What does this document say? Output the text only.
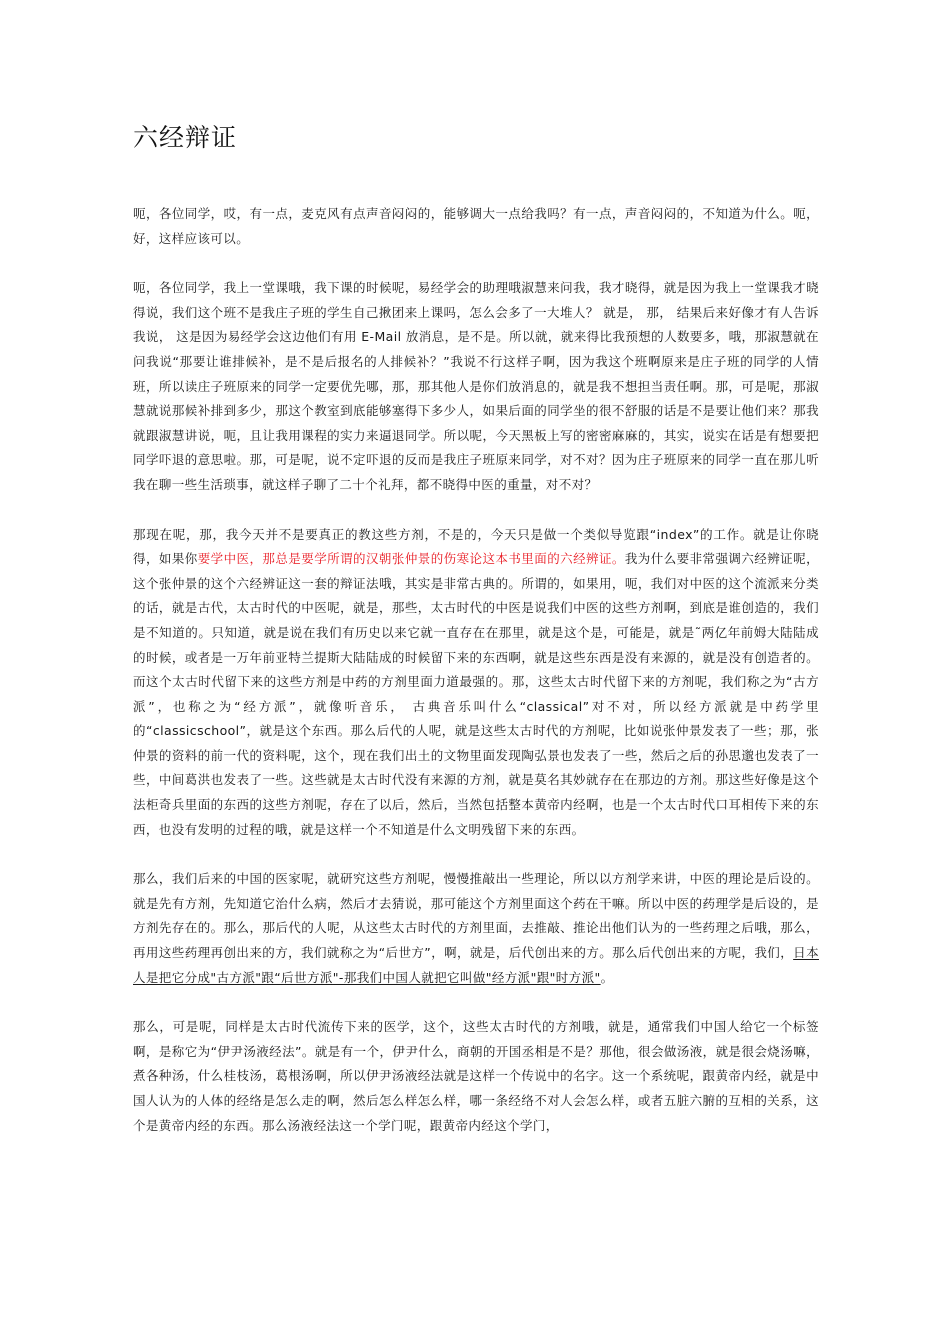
六经辩证

呃，各位同学，哎，有一点，麦克风有点声音闷闷的，能够调大一点给我吗？有一点，声音闷闷的，不知道为什么。呃，好，这样应该可以。

呃，各位同学，我上一堂课哦，我下课的时候呢，易经学会的助理哦淑慧来问我，我才晓得，就是因为我上一堂课我才晓得说，我们这个班不是我庄子班的学生自己揪团来上课吗，怎么会多了一大堆人？ 就是， 那， 结果后来好像才有人告诉我说， 这是因为易经学会这边他们有用 E-Mail 放消息，是不是。所以就，就来得比我预想的人数要多，哦，那淑慧就在问我说“那要让谁排候补，是不是后报名的人排候补？”我说不行这样子啊，因为我这个班啊原来是庄子班的同学的人情班，所以读庄子班原来的同学一定要优先哪，那，那其他人是你们放消息的，就是我不想担当责任啊。那，可是呢，那淑慧就说那候补排到多少，那这个教室到底能够塞得下多少人，如果后面的同学坐的很不舒服的话是不是要让他们来？那我就跟淑慧讲说，呃，且让我用课程的实力来逼退同学。所以呢，今天黑板上写的密密麻麻的，其实，说实在话是有想要把同学吓退的意思啦。那，可是呢，说不定吓退的反而是我庄子班原来同学，对不对？因为庄子班原来的同学一直在那儿听我在聊一些生活琐事，就这样子聊了二十个礼拜，都不晓得中医的重量，对不对？

那现在呢，那，我今天并不是要真正的教这些方剂，不是的，今天只是做一个类似导览跟“index”的工作。就是让你晓得，如果你要学中医，那总是要学所谓的汉朝张仲景的伤寒论这本书里面的六经辨证。我为什么要非常强调六经辨证呢，这个张仲景的这个六经辨证这一套的辩证法哦，其实是非常古典的。所谓的，如果用，呃，我们对中医的这个流派来分类的话，就是古代，太古时代的中医呢，就是，那些，太古时代的中医是说我们中医的这些方剂啊，到底是谁创造的，我们是不知道的。只知道，就是说在我们有历史以来它就一直存在在那里，就是这个是，可能是，就是˜两亿年前姆大陆陆成的时候，或者是一万年前亚特兰提斯大陆陆成的时候留下来的东西啊，就是这些东西是没有来源的，就是没有创造者的。而这个太古时代留下来的这些方剂是中药的方剂里面力道最强的。那，这些太古时代留下来的方剂呢，我们称之为“古方派”，也称之为“经方派”，就像听音乐， 古典音乐叫什么“classical”对不对，所以经方派就是中药学里的“classicschool”，就是这个东西。那么后代的人呢，就是这些太古时代的方剂呢，比如说张仲景发表了一些；那，张仲景的资料的前一代的资料呢，这个，现在我们出土的文物里面发现陶弘景也发表了一些，然后之后的孙思邈也发表了一些，中间葛洪也发表了一些。这些就是太古时代没有来源的方剂，就是莫名其妙就存在在那边的方剂。那这些好像是这个法柜奇兵里面的东西的这些方剂呢，存在了以后，然后，当然包括整本黄帝内经啊，也是一个太古时代口耳相传下来的东西，也没有发明的过程的哦，就是这样一个不知道是什么文明残留下来的东西。

那么，我们后来的中国的医家呢，就研究这些方剂呢，慢慢推敲出一些理论，所以以方剂学来讲，中医的理论是后设的。就是先有方剂，先知道它治什么病，然后才去猜说，那可能这个方剂里面这个药在干嘛。所以中医的药理学是后设的，是方剂先存在的。那么，那后代的人呢，从这些太古时代的方剂里面，去推敲、推论出他们认为的一些药理之后哦，那么，再用这些药理再创出来的方，我们就称之为“后世方”，啊，就是，后代创出来的方。那么后代创出来的方呢，我们，日本人是把它分成"古方派"跟“后世方派"-那我们中国人就把它叫做"经方派"跟"时方派"。

那么，可是呢，同样是太古时代流传下来的医学，这个，这些太古时代的方剂哦，就是，通常我们中国人给它一个标签啊，是称它为“伊尹汤液经法”。就是有一个，伊尹什么，商朝的开国丞相是不是？那他，很会做汤液，就是很会烧汤嘛，煮各种汤，什么桂枝汤，葛根汤啊，所以伊尹汤液经法就是这样一个传说中的名字。这一个系统呢，跟黄帝内经，就是中国人认为的人体的经络是怎么走的啊，然后怎么样怎么样，哪一条经络不对人会怎么样，或者五脏六腑的互相的关系，这个是黄帝内经的东西。那么汤液经法这一个学门呢，跟黄帝内经这个学门，
